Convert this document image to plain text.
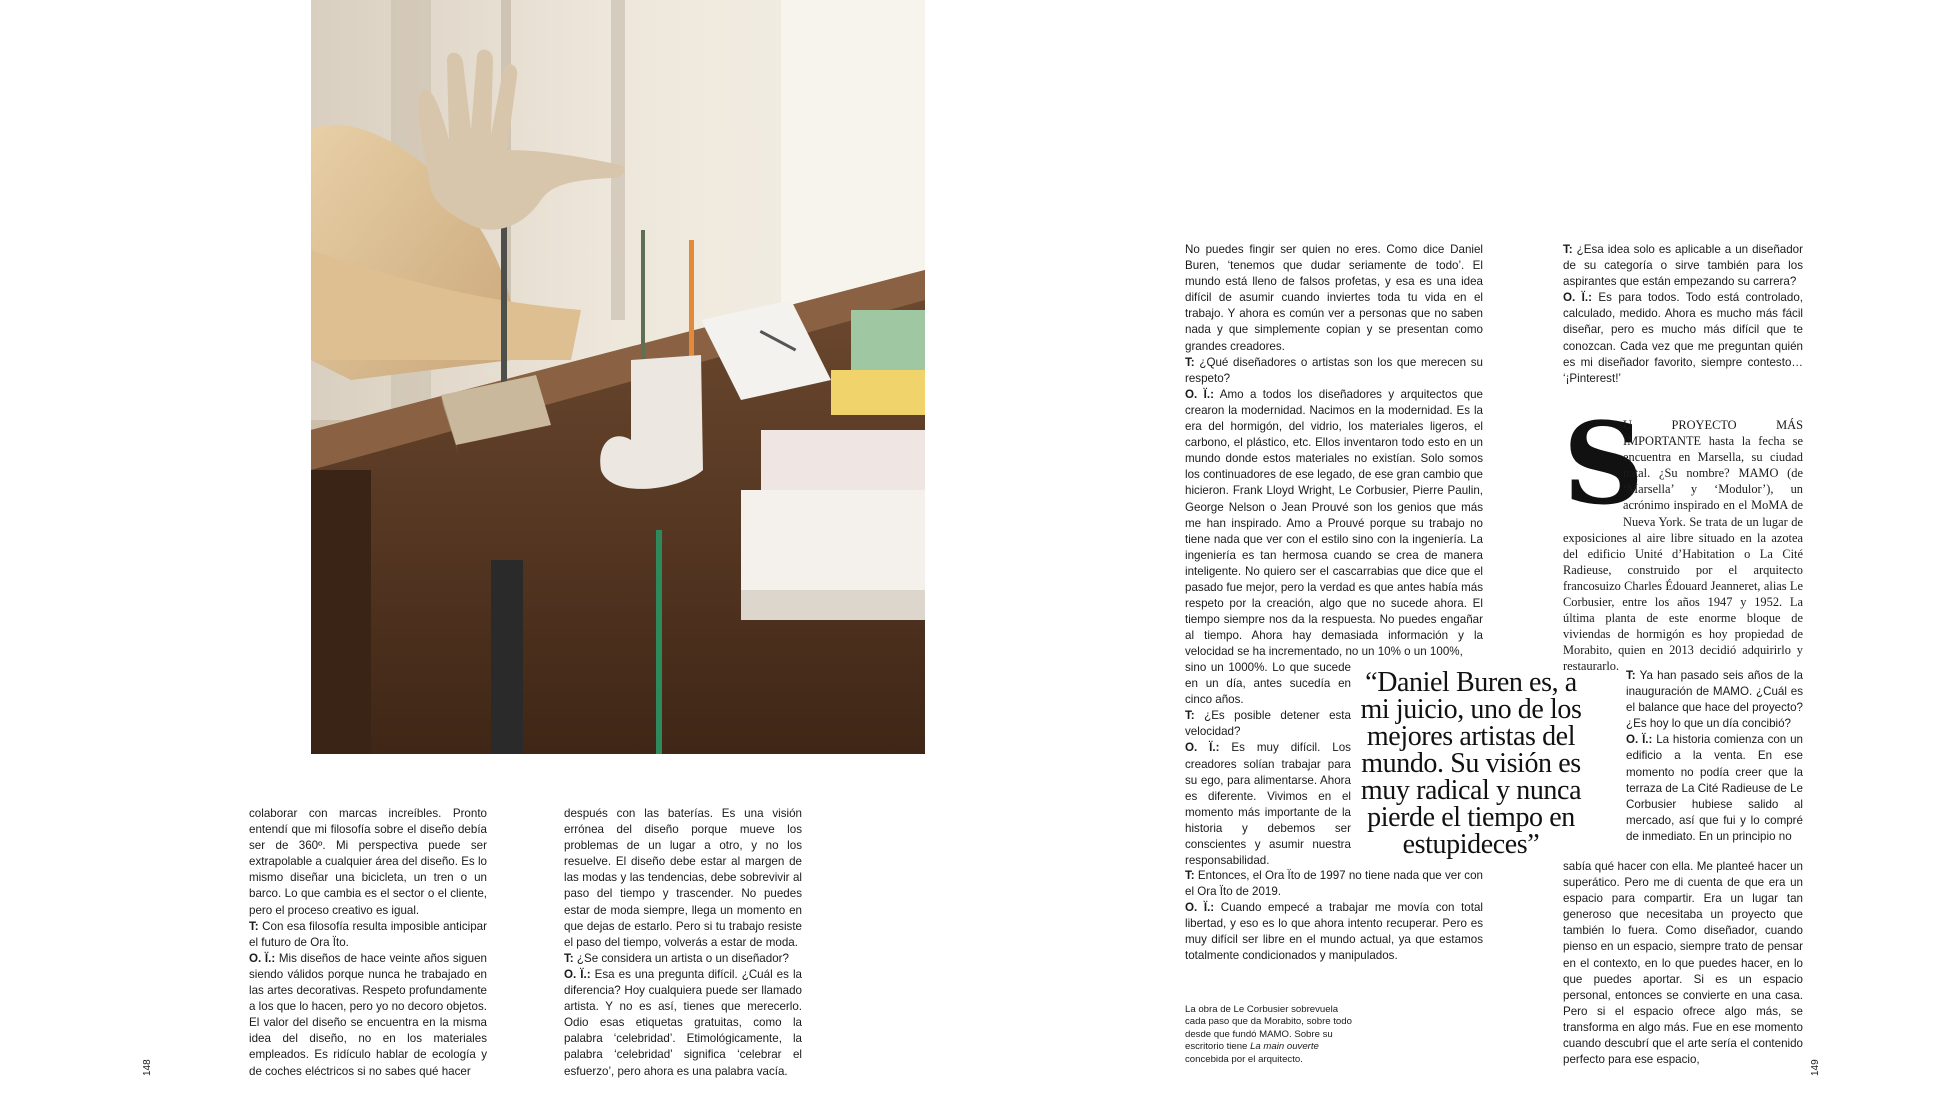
colaborar con marcas increíbles. Pronto entendí que mi filosofía sobre el diseño debía ser de 360º. Mi perspectiva puede ser extrapolable a cualquier área del diseño. Es lo mismo diseñar una bicicleta, un tren o un barco. Lo que cambia es el sector o el cliente, pero el proceso creativo es igual.

T: Con esa filosofía resulta imposible anticipar el futuro de Ora Ïto.

O. Ï.: Mis diseños de hace veinte años siguen siendo válidos porque nunca he trabajado en las artes decorativas. Respeto profundamente a los que lo hacen, pero yo no decoro objetos. El valor del diseño se encuentra en la misma idea del diseño, no en los materiales empleados. Es ridículo hablar de ecología y de coches eléctricos si no sabes qué hacer

después con las baterías. Es una visión errónea del diseño porque mueve los problemas de un lugar a otro, y no los resuelve. El diseño debe estar al margen de las modas y las tendencias, debe sobrevivir al paso del tiempo y trascender. No puedes estar de moda siempre, llega un momento en que dejas de estarlo. Pero si tu trabajo resiste el paso del tiempo, volverás a estar de moda.

T: ¿Se considera un artista o un diseñador?

O. Ï.: Esa es una pregunta difícil. ¿Cuál es la diferencia? Hoy cualquiera puede ser llamado artista. Y no es así, tienes que merecerlo. Odio esas etiquetas gratuitas, como la palabra ‘celebridad’. Etimológicamente, la palabra ‘celebridad’ significa ‘celebrar el esfuerzo’, pero ahora es una palabra vacía.

148

No puedes fingir ser quien no eres. Como dice Daniel Buren, ‘tenemos que dudar seriamente de todo’. El mundo está lleno de falsos profetas, y esa es una idea difícil de asumir cuando inviertes toda tu vida en el trabajo. Y ahora es común ver a personas que no saben nada y que simplemente copian y se presentan como grandes creadores.

T: ¿Qué diseñadores o artistas son los que merecen su respeto?

O. Ï.: Amo a todos los diseñadores y arquitectos que crearon la modernidad. Nacimos en la modernidad. Es la era del hormigón, del vidrio, los materiales ligeros, el carbono, el plástico, etc. Ellos inventaron todo esto en un mundo donde estos materiales no existían. Solo somos los continuadores de ese legado, de ese gran cambio que hicieron. Frank Lloyd Wright, Le Corbusier, Pierre Paulin, George Nelson o Jean Prouvé son los genios que más me han inspirado. Amo a Prouvé porque su trabajo no tiene nada que ver con el estilo sino con la ingeniería. La ingeniería es tan hermosa cuando se crea de manera inteligente. No quiero ser el cascarrabias que dice que el pasado fue mejor, pero la verdad es que antes había más respeto por la creación, algo que no sucede ahora. El tiempo siempre nos da la respuesta. No puedes engañar al tiempo. Ahora hay demasiada información y la velocidad se ha incrementado, no un 10% o un 100%,

sino un 1000%. Lo que sucede en un día, antes sucedía en cinco años.

T: ¿Es posible detener esta velocidad?

O. Ï.: Es muy difícil. Los creadores solían trabajar para su ego, para alimentarse. Ahora es diferente. Vivimos en el momento más importante de la historia y debemos ser conscientes y asumir nuestra responsabilidad.

T: Entonces, el Ora Ïto de 1997 no tiene nada que ver con el Ora Ïto de 2019.

O. Ï.: Cuando empecé a trabajar me movía con total libertad, y eso es lo que ahora intento recuperar. Pero es muy difícil ser libre en el mundo actual, ya que estamos totalmente condicionados y manipulados.

“Daniel Buren es, a mi juicio, uno de los mejores artistas del mundo. Su visión es muy radical y nunca pierde el tiempo en estupideces”
La obra de Le Corbusier sobrevuela cada paso que da Morabito, sobre todo desde que fundó MAMO. Sobre su escritorio tiene La main ouverte concebida por el arquitecto.

T: ¿Esa idea solo es aplicable a un diseñador de su categoría o sirve también para los aspirantes que están empezando su carrera?

O. Ï.: Es para todos. Todo está controlado, calculado, medido. Ahora es mucho más fácil diseñar, pero es mucho más difícil que te conozcan. Cada vez que me preguntan quién es mi diseñador favorito, siempre contesto… ‘¡Pinterest!’

S
U PROYECTO MÁS IMPORTANTE hasta la fecha se encuentra en Marsella, su ciudad natal. ¿Su nombre? MAMO (de ‘Marsella’ y ‘Modulor’), un acrónimo inspirado en el MoMA de Nueva York. Se trata de un lugar de exposiciones al aire libre situado en la azotea del edificio Unité d’Habitation o La Cité Radieuse, construido por el arquitecto francosuizo Charles Édouard Jeanneret, alias Le Corbusier, entre los años 1947 y 1952. La última planta de este enorme bloque de viviendas de hormigón es hoy propiedad de Morabito, quien en 2013 decidió adquirirlo y restaurarlo.

T: Ya han pasado seis años de la inauguración de MAMO. ¿Cuál es el balance que hace del proyecto? ¿Es hoy lo que un día concibió?

O. Ï.: La historia comienza con un edificio a la venta. En ese momento no podía creer que la terraza de La Cité Radieuse de Le Corbusier hubiese salido al mercado, así que fui y lo compré de inmediato. En un principio no

sabía qué hacer con ella. Me planteé hacer un superático. Pero me di cuenta de que era un espacio para compartir. Era un lugar tan generoso que necesitaba un proyecto que también lo fuera. Como diseñador, cuando pienso en un espacio, siempre trato de pensar en el contexto, en lo que puedes hacer, en lo que puedes aportar. Si es un espacio personal, entonces se convierte en una casa. Pero si el espacio ofrece algo más, se transforma en algo más. Fue en ese momento cuando descubrí que el arte sería el contenido perfecto para ese espacio,	149
